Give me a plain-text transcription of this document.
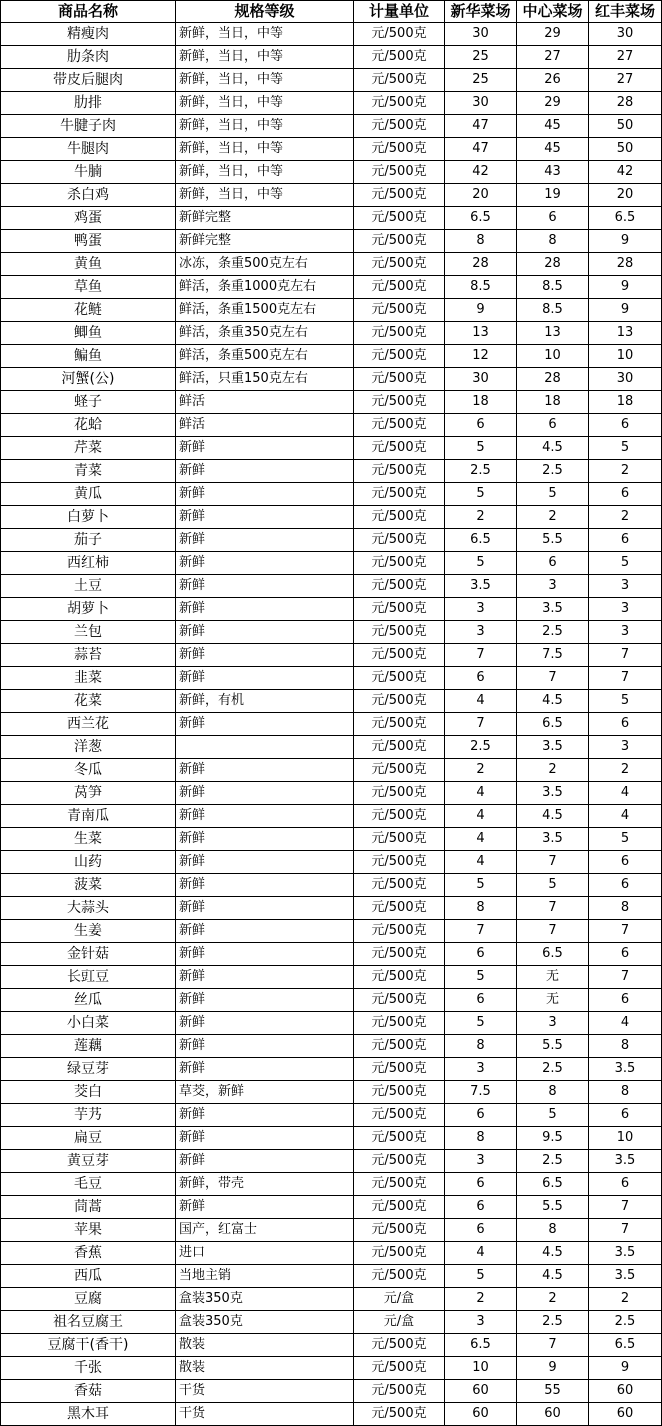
商品名称	规格等级	计量单位	新华菜场	中心菜场	红丰菜场
精瘦肉	新鲜，当日，中等	元/500克	30	29	30
肋条肉	新鲜，当日，中等	元/500克	25	27	27
带皮后腿肉	新鲜，当日，中等	元/500克	25	26	27
肋排	新鲜，当日，中等	元/500克	30	29	28
牛腱子肉	新鲜，当日，中等	元/500克	47	45	50
牛腿肉	新鲜，当日，中等	元/500克	47	45	50
牛腩	新鲜，当日，中等	元/500克	42	43	42
杀白鸡	新鲜，当日，中等	元/500克	20	19	20
鸡蛋	新鲜完整	元/500克	6.5	6	6.5
鸭蛋	新鲜完整	元/500克	8	8	9
黄鱼	冰冻，条重500克左右	元/500克	28	28	28
草鱼	鲜活，条重1000克左右	元/500克	8.5	8.5	9
花鲢	鲜活，条重1500克左右	元/500克	9	8.5	9
鲫鱼	鲜活，条重350克左右	元/500克	13	13	13
鳊鱼	鲜活，条重500克左右	元/500克	12	10	10
河蟹(公)	鲜活，只重150克左右	元/500克	30	28	30
蛏子	鲜活	元/500克	18	18	18
花蛤	鲜活	元/500克	6	6	6
芹菜	新鲜	元/500克	5	4.5	5
青菜	新鲜	元/500克	2.5	2.5	2
黄瓜	新鲜	元/500克	5	5	6
白萝卜	新鲜	元/500克	2	2	2
茄子	新鲜	元/500克	6.5	5.5	6
西红柿	新鲜	元/500克	5	6	5
土豆	新鲜	元/500克	3.5	3	3
胡萝卜	新鲜	元/500克	3	3.5	3
兰包	新鲜	元/500克	3	2.5	3
蒜苔	新鲜	元/500克	7	7.5	7
韭菜	新鲜	元/500克	6	7	7
花菜	新鲜，有机	元/500克	4	4.5	5
西兰花	新鲜	元/500克	7	6.5	6
洋葱		元/500克	2.5	3.5	3
冬瓜	新鲜	元/500克	2	2	2
莴笋	新鲜	元/500克	4	3.5	4
青南瓜	新鲜	元/500克	4	4.5	4
生菜	新鲜	元/500克	4	3.5	5
山药	新鲜	元/500克	4	7	6
菠菜	新鲜	元/500克	5	5	6
大蒜头	新鲜	元/500克	8	7	8
生姜	新鲜	元/500克	7	7	7
金针菇	新鲜	元/500克	6	6.5	6
长豇豆	新鲜	元/500克	5	无	7
丝瓜	新鲜	元/500克	6	无	6
小白菜	新鲜	元/500克	5	3	4
莲藕	新鲜	元/500克	8	5.5	8
绿豆芽	新鲜	元/500克	3	2.5	3.5
茭白	草茭，新鲜	元/500克	7.5	8	8
芋艿	新鲜	元/500克	6	5	6
扁豆	新鲜	元/500克	8	9.5	10
黄豆芽	新鲜	元/500克	3	2.5	3.5
毛豆	新鲜，带壳	元/500克	6	6.5	6
茼蒿	新鲜	元/500克	6	5.5	7
苹果	国产，红富士	元/500克	6	8	7
香蕉	进口	元/500克	4	4.5	3.5
西瓜	当地主销	元/500克	5	4.5	3.5
豆腐	盒装350克	元/盒	2	2	2
祖名豆腐王	盒装350克	元/盒	3	2.5	2.5
豆腐干(香干)	散装	元/500克	6.5	7	6.5
千张	散装	元/500克	10	9	9
香菇	干货	元/500克	60	55	60
黑木耳	干货	元/500克	60	60	60
